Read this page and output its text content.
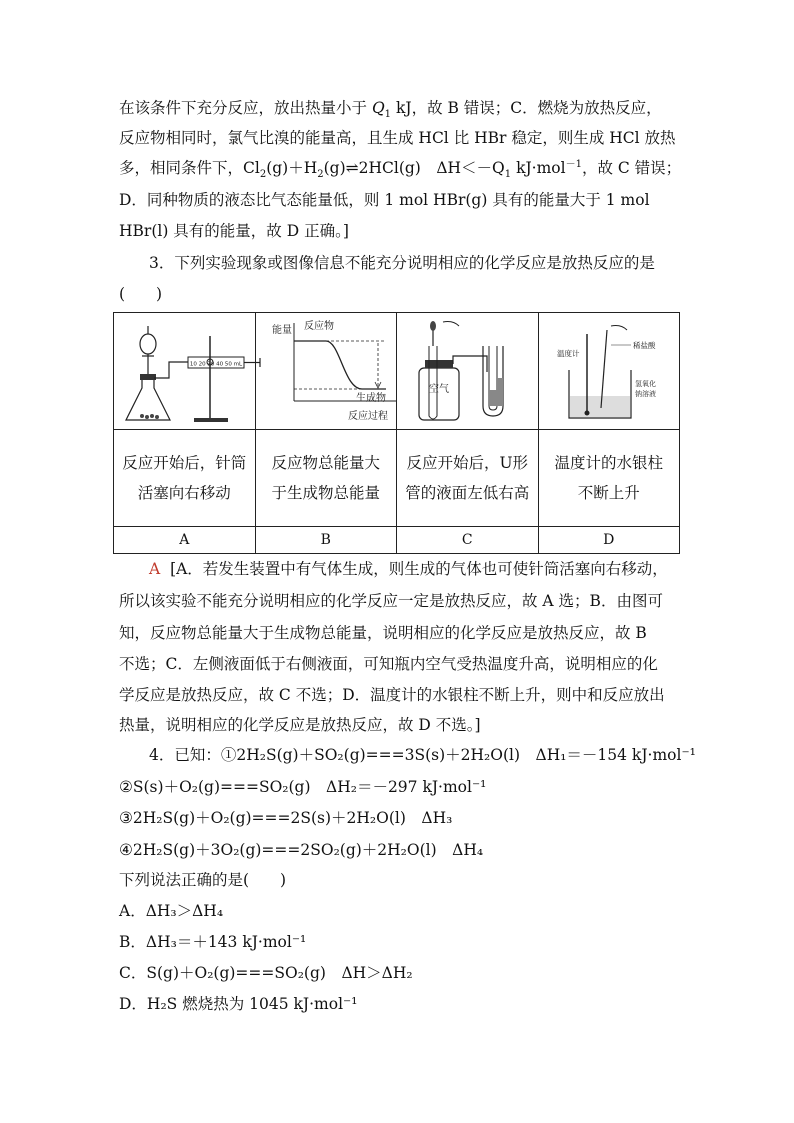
在该条件下充分反应，放出热量小于 $Q_1$ kJ，故 B 错误；C．燃烧为放热反应，
反应物相同时，氯气比溴的能量高，且生成 HCl 比 HBr 稳定，则生成 HCl 放热
多，相同条件下，$Cl_2(g)+H_2(g)\rightleftharpoons 2HCl(g)$　$\Delta H<-Q_1$ kJ·mol$^{-1}$，故 C 错误；
D．同种物质的液态比气态能量低，则 1 mol HBr(g) 具有的能量大于 1 mol
HBr(l) 具有的能量，故 D 正确。]
3．下列实验现象或图像信息不能充分说明相应的化学反应是放热反应的是
(　　)
10 20 30 40 50 mL	能量 反应物
生成物
反应过程	空气	温度计
稀盐酸
氢氧化
钠溶液

反应开始后，针筒活塞向右移动	反应物总能量大于生成物总能量	反应开始后，U形管的液面左低右高	温度计的水银柱不断上升
A	B	C	D
A [A．若发生装置中有气体生成，则生成的气体也可使针筒活塞向右移动，
所以该实验不能充分说明相应的化学反应一定是放热反应，故 A 选；B．由图可
知，反应物总能量大于生成物总能量，说明相应的化学反应是放热反应，故 B
不选；C．左侧液面低于右侧液面，可知瓶内空气受热温度升高，说明相应的化
学反应是放热反应，故 C 不选；D．温度计的水银柱不断上升，则中和反应放出
热量，说明相应的化学反应是放热反应，故 D 不选。]
4．已知：①2H₂S(g)＋SO₂(g)===3S(s)＋2H₂O(l)　ΔH₁＝－154 kJ·mol⁻¹
②S(s)＋O₂(g)===SO₂(g)　ΔH₂＝－297 kJ·mol⁻¹
③2H₂S(g)＋O₂(g)===2S(s)＋2H₂O(l)　ΔH₃
④2H₂S(g)＋3O₂(g)===2SO₂(g)＋2H₂O(l)　ΔH₄
下列说法正确的是(　　)
A．ΔH₃＞ΔH₄
B．ΔH₃＝＋143 kJ·mol⁻¹
C．S(g)＋O₂(g)===SO₂(g)　ΔH＞ΔH₂
D．H₂S 燃烧热为 1045 kJ·mol⁻¹
